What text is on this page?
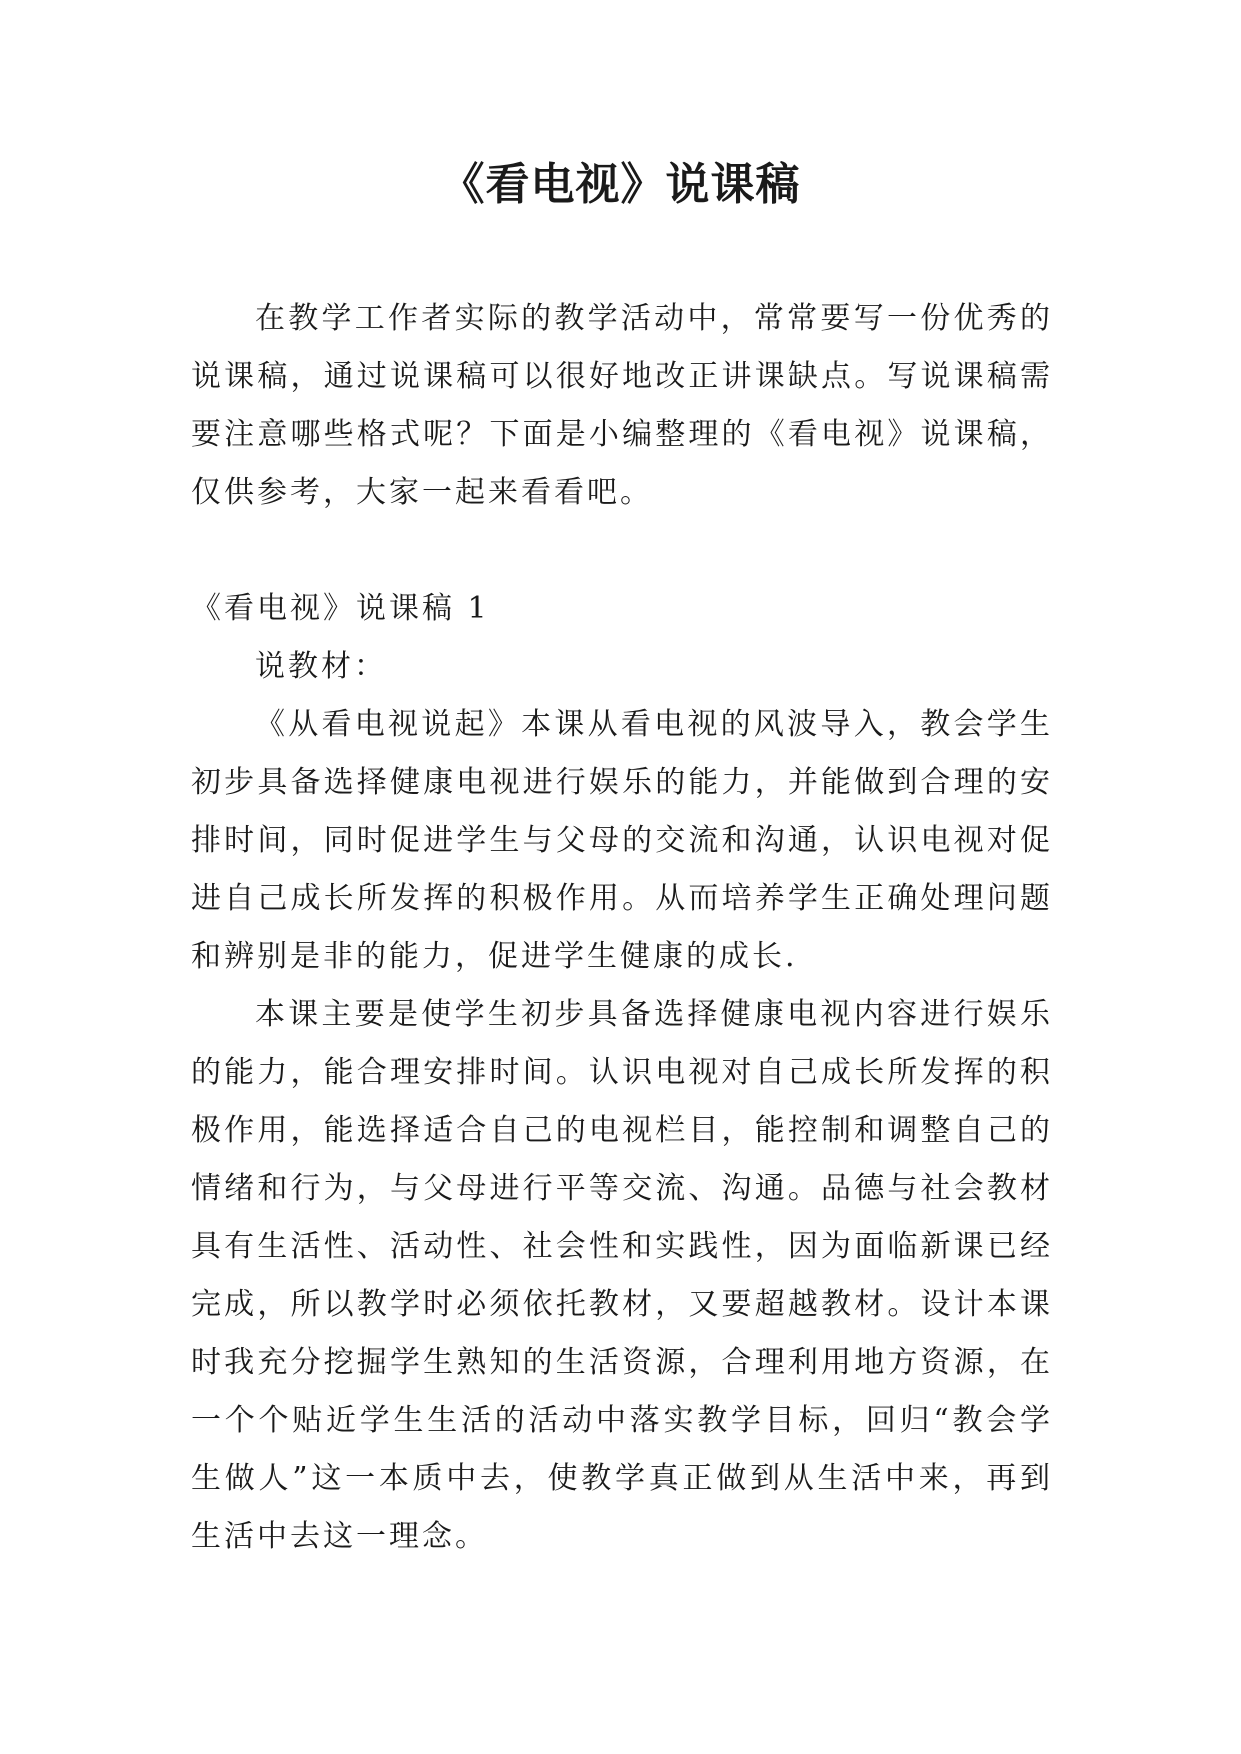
《看电视》说课稿

在教学工作者实际的教学活动中，常常要写一份优秀的说课稿，通过说课稿可以很好地改正讲课缺点。写说课稿需要注意哪些格式呢？下面是小编整理的《看电视》说课稿，仅供参考，大家一起来看看吧。

《看电视》说课稿 1

说教材：

《从看电视说起》本课从看电视的风波导入，教会学生初步具备选择健康电视进行娱乐的能力，并能做到合理的安排时间，同时促进学生与父母的交流和沟通，认识电视对促进自己成长所发挥的积极作用。从而培养学生正确处理问题和辨别是非的能力，促进学生健康的成长.

本课主要是使学生初步具备选择健康电视内容进行娱乐的能力，能合理安排时间。认识电视对自己成长所发挥的积极作用，能选择适合自己的电视栏目，能控制和调整自己的情绪和行为，与父母进行平等交流、沟通。品德与社会教材具有生活性、活动性、社会性和实践性，因为面临新课已经完成，所以教学时必须依托教材，又要超越教材。设计本课时我充分挖掘学生熟知的生活资源，合理利用地方资源，在一个个贴近学生生活的活动中落实教学目标，回归“教会学生做人”这一本质中去，使教学真正做到从生活中来，再到生活中去这一理念。
